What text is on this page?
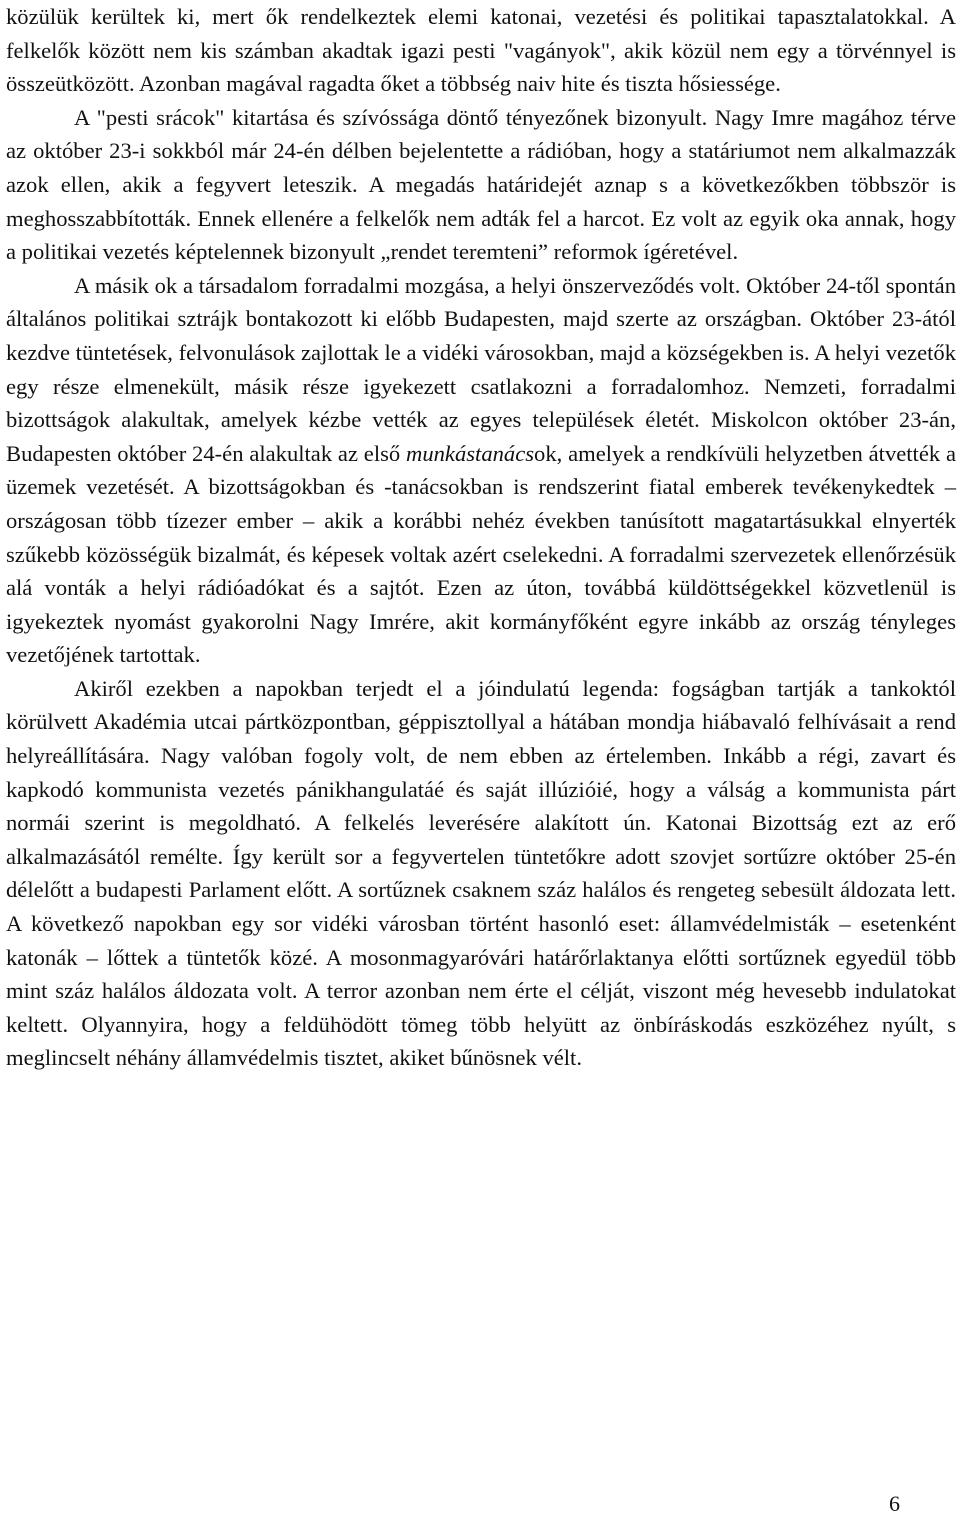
közülük kerültek ki, mert ők rendelkeztek elemi katonai, vezetési és politikai tapasztalatokkal. A felkelők között nem kis számban akadtak igazi pesti "vagányok", akik közül nem egy a törvénnyel is összeütközött. Azonban magával ragadta őket a többség naiv hite és tiszta hősiessége.

A "pesti srácok" kitartása és szívóssága döntő tényezőnek bizonyult. Nagy Imre magához térve az október 23-i sokkból már 24-én délben bejelentette a rádióban, hogy a statáriumot nem alkalmazzák azok ellen, akik a fegyvert leteszik. A megadás határidejét aznap s a következőkben többször is meghosszabbították. Ennek ellenére a felkelők nem adták fel a harcot. Ez volt az egyik oka annak, hogy a politikai vezetés képtelennek bizonyult „rendet teremteni” reformok ígéretével.

A másik ok a társadalom forradalmi mozgása, a helyi önszerveződés volt. Október 24-től spontán általános politikai sztrájk bontakozott ki előbb Budapesten, majd szerte az országban. Október 23-ától kezdve tüntetések, felvonulások zajlottak le a vidéki városokban, majd a községekben is. A helyi vezetők egy része elmenekült, másik része igyekezett csatlakozni a forradalomhoz. Nemzeti, forradalmi bizottságok alakultak, amelyek kézbe vették az egyes települések életét. Miskolcon október 23-án, Budapesten október 24-én alakultak az első munkástanácsok, amelyek a rendkívüli helyzetben átvették a üzemek vezetését. A bizottságokban és -tanácsokban is rendszerint fiatal emberek tevékenykedtek – országosan több tízezer ember – akik a korábbi nehéz években tanúsított magatartásukkal elnyerték szűkebb közösségük bizalmát, és képesek voltak azért cselekedni. A forradalmi szervezetek ellenőrzésük alá vonták a helyi rádióadókat és a sajtót. Ezen az úton, továbbá küldöttségekkel közvetlenül is igyekeztek nyomást gyakorolni Nagy Imrére, akit kormányfőként egyre inkább az ország tényleges vezetőjének tartottak.

Akiről ezekben a napokban terjedt el a jóindulatú legenda: fogságban tartják a tankoktól körülvett Akadémia utcai pártközpontban, géppisztollyal a hátában mondja hiábavaló felhívásait a rend helyreállítására. Nagy valóban fogoly volt, de nem ebben az értelemben. Inkább a régi, zavart és kapkodó kommunista vezetés pánikhangulatáé és saját illúzióié, hogy a válság a kommunista párt normái szerint is megoldható. A felkelés leverésére alakított ún. Katonai Bizottság ezt az erő alkalmazásától remélte. Így került sor a fegyvertelen tüntetőkre adott szovjet sortűzre október 25-én délelőtt a budapesti Parlament előtt. A sortűznek csaknem száz halálos és rengeteg sebesült áldozata lett. A következő napokban egy sor vidéki városban történt hasonló eset: államvédelmisták – esetenként katonák – lőttek a tüntetők közé. A mosonmagyaróvári határőrlaktanya előtti sortűznek egyedül több mint száz halálos áldozata volt. A terror azonban nem érte el célját, viszont még hevesebb indulatokat keltett. Olyannyira, hogy a feldühödött tömeg több helyütt az önbíráskodás eszközéhez nyúlt, s meglincselt néhány államvédelmis tisztet, akiket bűnösnek vélt.

6
